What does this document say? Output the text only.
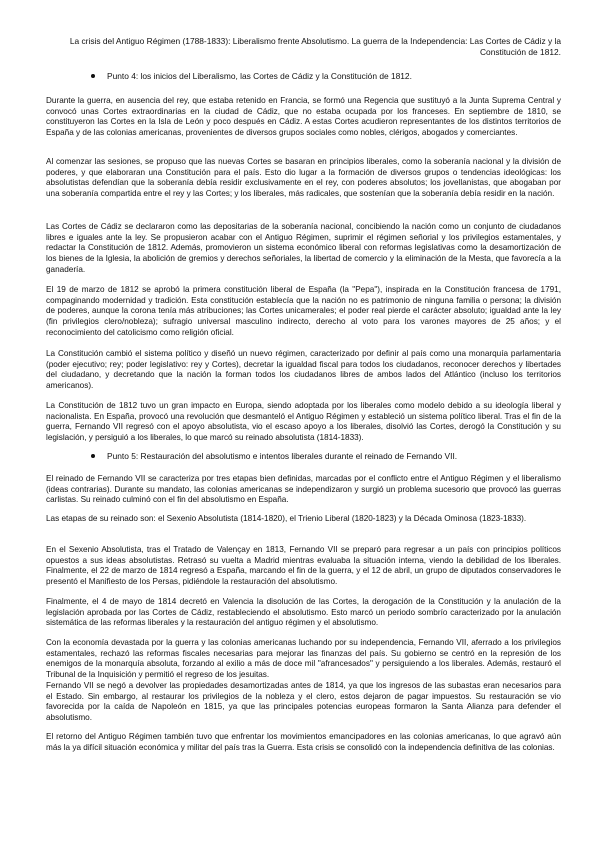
La crisis del Antiguo Régimen (1788-1833): Liberalismo frente Absolutismo. La guerra de la Independencia: Las Cortes de Cádiz y la Constitución de 1812.
Punto 4: los inicios del Liberalismo, las Cortes de Cádiz y la Constitución de 1812.
Durante la guerra, en ausencia del rey, que estaba retenido en Francia, se formó una Regencia que sustituyó a la Junta Suprema Central y convocó unas Cortes extraordinarias en la ciudad de Cádiz, que no estaba ocupada por los franceses. En septiembre de 1810, se constituyeron las Cortes en la Isla de León y poco después en Cádiz. A estas Cortes acudieron representantes de los distintos territorios de España y de las colonias americanas, provenientes de diversos grupos sociales como nobles, clérigos, abogados y comerciantes.
Al comenzar las sesiones, se propuso que las nuevas Cortes se basaran en principios liberales, como la soberanía nacional y la división de poderes, y que elaboraran una Constitución para el país. Esto dio lugar a la formación de diversos grupos o tendencias ideológicas: los absolutistas defendían que la soberanía debía residir exclusivamente en el rey, con poderes absolutos; los jovellanistas, que abogaban por una soberanía compartida entre el rey y las Cortes; y los liberales, más radicales, que sostenían que la soberanía debía residir en la nación.
Las Cortes de Cádiz se declararon como las depositarias de la soberanía nacional, concibiendo la nación como un conjunto de ciudadanos libres e iguales ante la ley. Se propusieron acabar con el Antiguo Régimen, suprimir el régimen señorial y los privilegios estamentales, y redactar la Constitución de 1812. Además, promovieron un sistema económico liberal con reformas legislativas como la desamortización de los bienes de la Iglesia, la abolición de gremios y derechos señoriales, la libertad de comercio y la eliminación de la Mesta, que favorecía a la ganadería.
El 19 de marzo de 1812 se aprobó la primera constitución liberal de España (la "Pepa"), inspirada en la Constitución francesa de 1791, compaginando modernidad y tradición. Esta constitución establecía que la nación no es patrimonio de ninguna familia o persona; la división de poderes, aunque la corona tenía más atribuciones; las Cortes unicamerales; el poder real pierde el carácter absoluto; igualdad ante la ley (fin privilegios clero/nobleza); sufragio universal masculino indirecto, derecho al voto para los varones mayores de 25 años; y el reconocimiento del catolicismo como religión oficial.
La Constitución cambió el sistema político y diseñó un nuevo régimen, caracterizado por definir al país como una monarquía parlamentaria (poder ejecutivo; rey; poder legislativo: rey y Cortes), decretar la igualdad fiscal para todos los ciudadanos, reconocer derechos y libertades del ciudadano, y decretando que la nación la forman todos los ciudadanos libres de ambos lados del Atlántico (incluso los territorios americanos).
La Constitución de 1812 tuvo un gran impacto en Europa, siendo adoptada por los liberales como modelo debido a su ideología liberal y nacionalista. En España, provocó una revolución que desmanteló el Antiguo Régimen y estableció un sistema político liberal. Tras el fin de la guerra, Fernando VII regresó con el apoyo absolutista, vio el escaso apoyo a los liberales, disolvió las Cortes, derogó la Constitución y su legislación, y persiguió a los liberales, lo que marcó su reinado absolutista (1814-1833).
Punto 5: Restauración del absolutismo e intentos liberales durante el reinado de Fernando VII.
El reinado de Fernando VII se caracteriza por tres etapas bien definidas, marcadas por el conflicto entre el Antiguo Régimen y el liberalismo (ideas contrarias). Durante su mandato, las colonias americanas se independizaron y surgió un problema sucesorio que provocó las guerras carlistas. Su reinado culminó con el fin del absolutismo en España.
Las etapas de su reinado son: el Sexenio Absolutista (1814-1820), el Trienio Liberal (1820-1823) y la Década Ominosa (1823-1833).
En el Sexenio Absolutista, tras el Tratado de Valençay en 1813, Fernando VII se preparó para regresar a un país con principios políticos opuestos a sus ideas absolutistas. Retrasó su vuelta a Madrid mientras evaluaba la situación interna, viendo la debilidad de los liberales. Finalmente, el 22 de marzo de 1814 regresó a España, marcando el fin de la guerra, y el 12 de abril, un grupo de diputados conservadores le presentó el Manifiesto de los Persas, pidiéndole la restauración del absolutismo.
Finalmente, el 4 de mayo de 1814 decretó en Valencia la disolución de las Cortes, la derogación de la Constitución y la anulación de la legislación aprobada por las Cortes de Cádiz, restableciendo el absolutismo. Esto marcó un periodo sombrío caracterizado por la anulación sistemática de las reformas liberales y la restauración del antiguo régimen y el absolutismo.
Con la economía devastada por la guerra y las colonias americanas luchando por su independencia, Fernando VII, aferrado a los privilegios estamentales, rechazó las reformas fiscales necesarias para mejorar las finanzas del país. Su gobierno se centró en la represión de los enemigos de la monarquía absoluta, forzando al exilio a más de doce mil "afrancesados" y persiguiendo a los liberales. Además, restauró el Tribunal de la Inquisición y permitió el regreso de los jesuitas.
Fernando VII se negó a devolver las propiedades desamortizadas antes de 1814, ya que los ingresos de las subastas eran necesarios para el Estado. Sin embargo, al restaurar los privilegios de la nobleza y el clero, estos dejaron de pagar impuestos. Su restauración se vio favorecida por la caída de Napoleón en 1815, ya que las principales potencias europeas formaron la Santa Alianza para defender el absolutismo.
El retorno del Antiguo Régimen también tuvo que enfrentar los movimientos emancipadores en las colonias americanas, lo que agravó aún más la ya difícil situación económica y militar del país tras la Guerra. Esta crisis se consolidó con la independencia definitiva de las colonias.
